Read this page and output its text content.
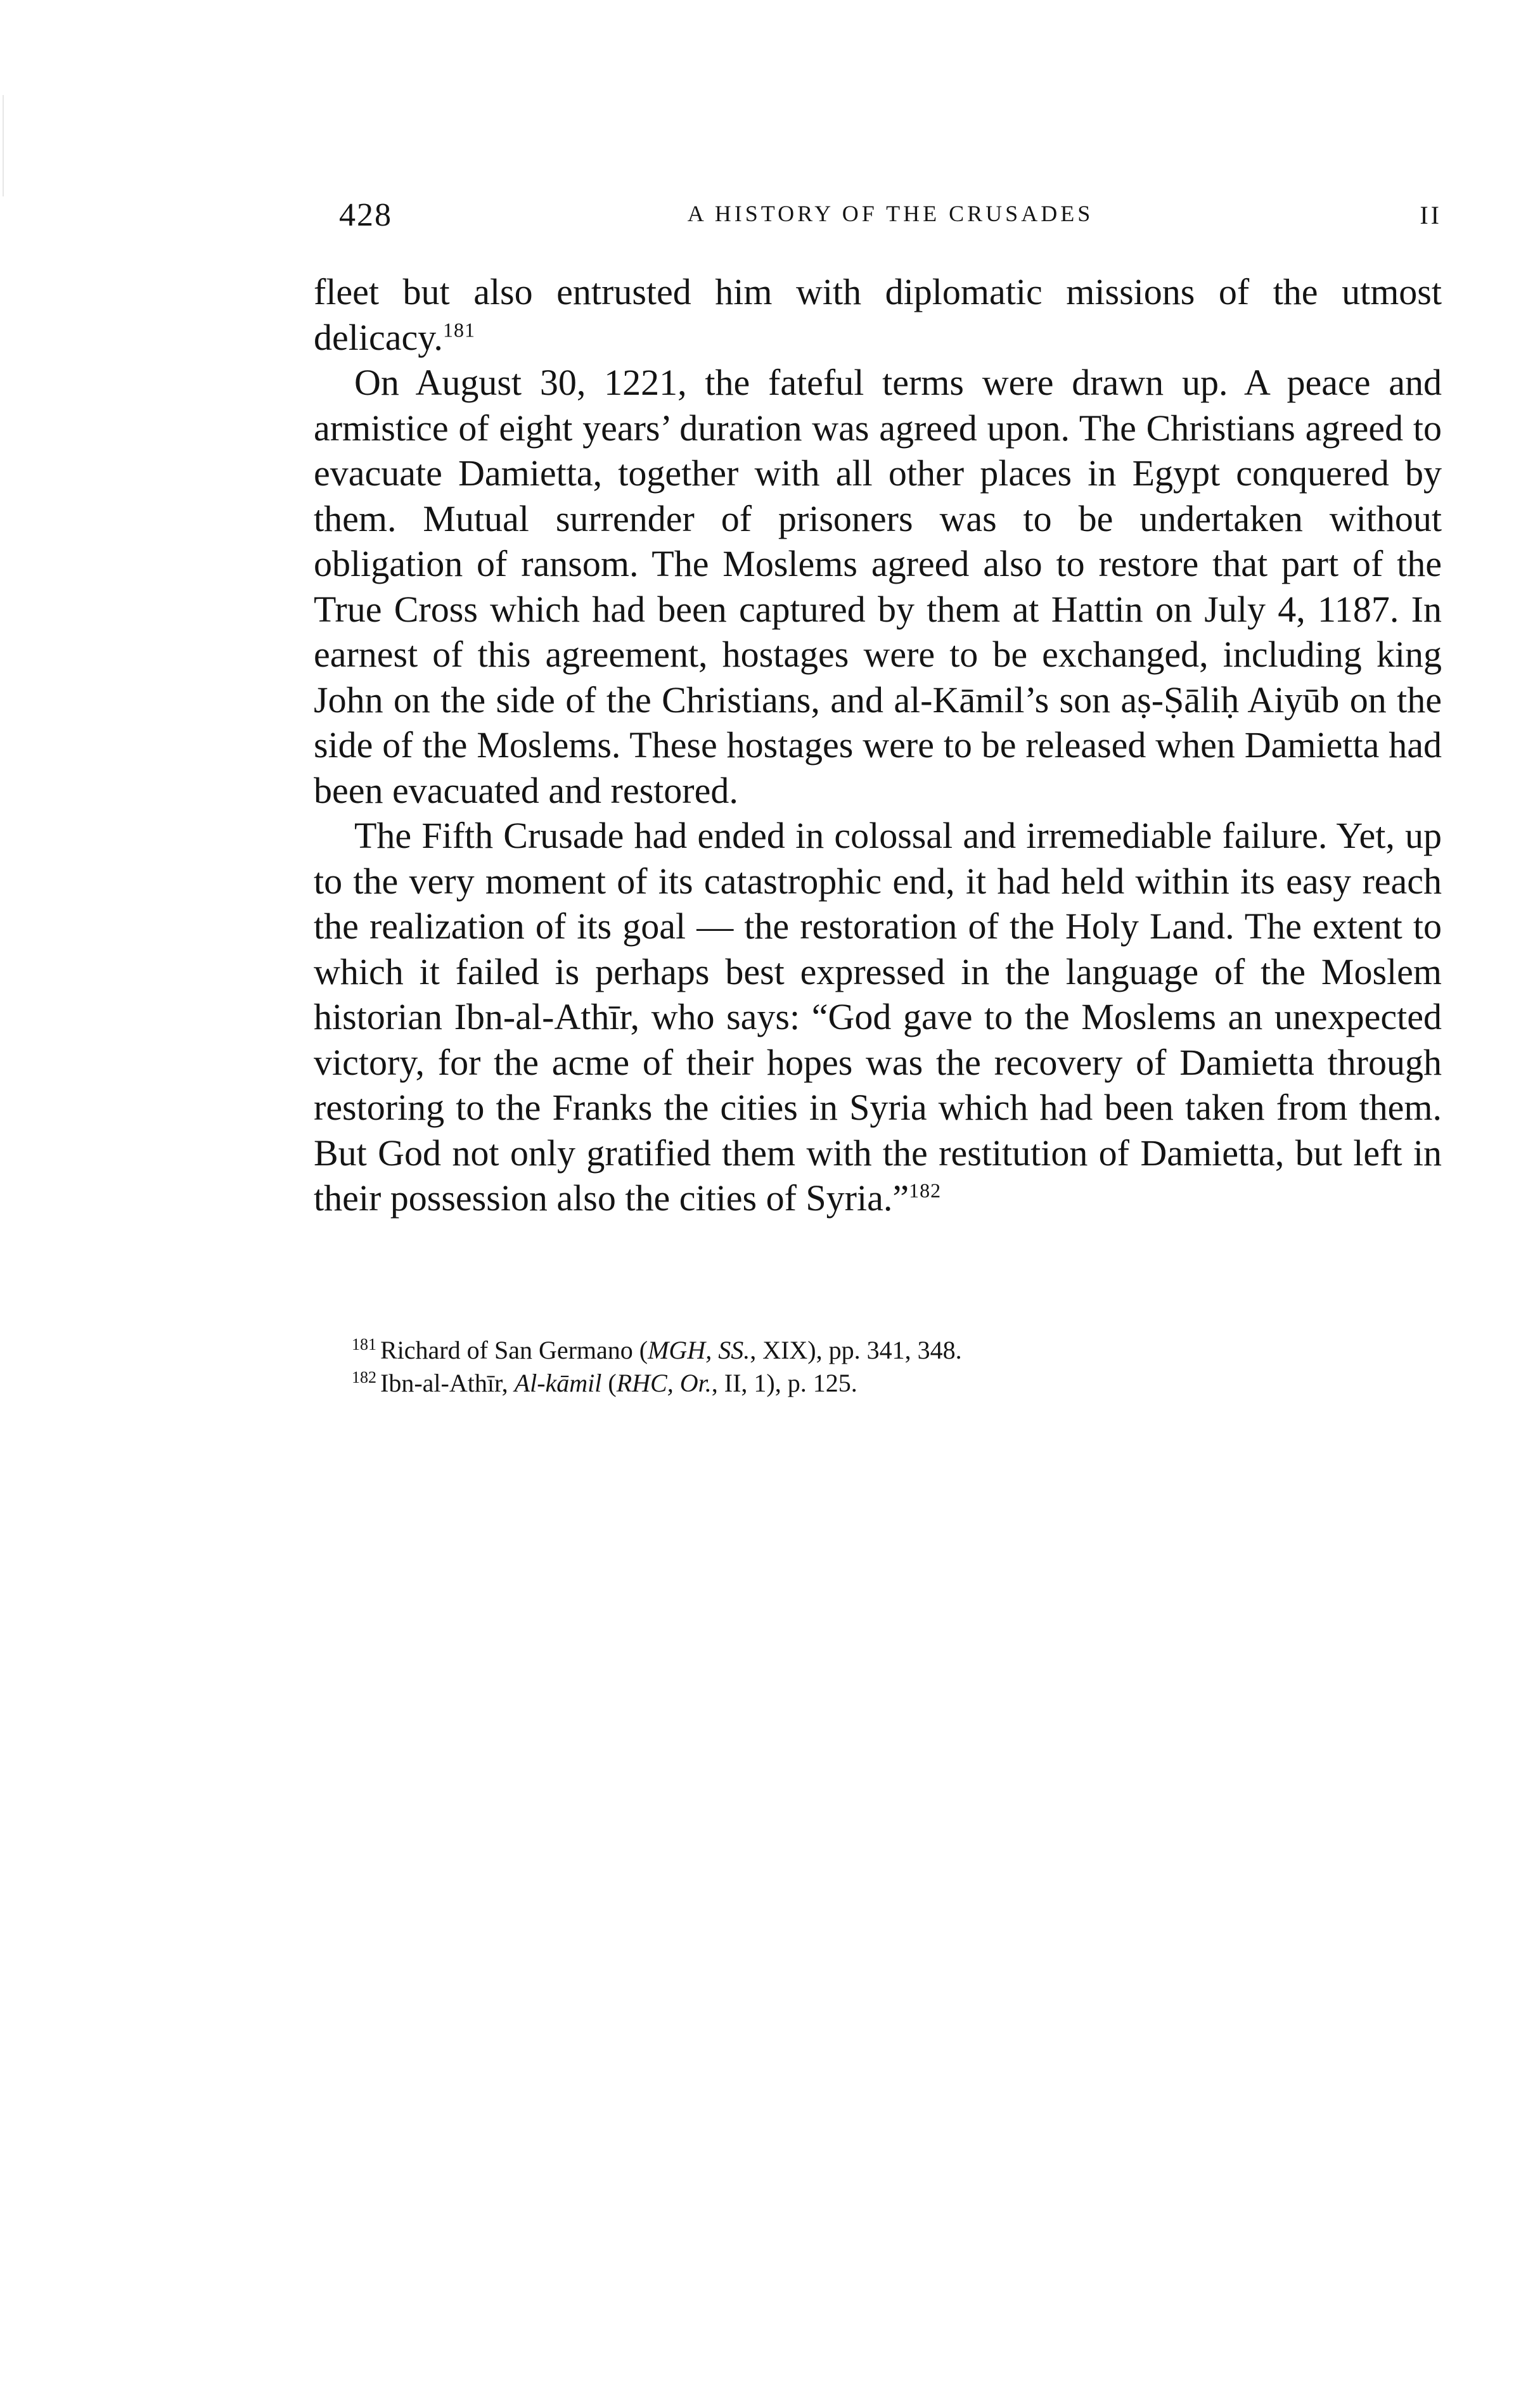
428	A HISTORY OF THE CRUSADES	II

fleet but also entrusted him with diplomatic missions of the utmost delicacy.$^{181}$

On August 30, 1221, the fateful terms were drawn up. A peace and armistice of eight years’ duration was agreed upon. The Christians agreed to evacuate Damietta, together with all other places in Egypt conquered by them. Mutual surrender of prisoners was to be undertaken without obligation of ransom. The Moslems agreed also to restore that part of the True Cross which had been captured by them at Hattin on July 4, 1187. In earnest of this agreement, hostages were to be exchanged, including king John on the side of the Christians, and al-Kāmil’s son aṣ-Ṣāliḥ Aiyūb on the side of the Moslems. These hostages were to be released when Damietta had been evacuated and restored.

The Fifth Crusade had ended in colossal and irremediable failure. Yet, up to the very moment of its catastrophic end, it had held within its easy reach the realization of its goal — the restoration of the Holy Land. The extent to which it failed is perhaps best expressed in the language of the Moslem historian Ibn-al-Athīr, who says: “God gave to the Moslems an unexpected victory, for the acme of their hopes was the recovery of Damietta through restoring to the Franks the cities in Syria which had been taken from them. But God not only gratified them with the restitution of Damietta, but left in their possession also the cities of Syria.”$^{182}$

$^{181}$ Richard of San Germano (MGH, SS., XIX), pp. 341, 348.

$^{182}$ Ibn-al-Athīr, Al-kāmil (RHC, Or., II, 1), p. 125.
